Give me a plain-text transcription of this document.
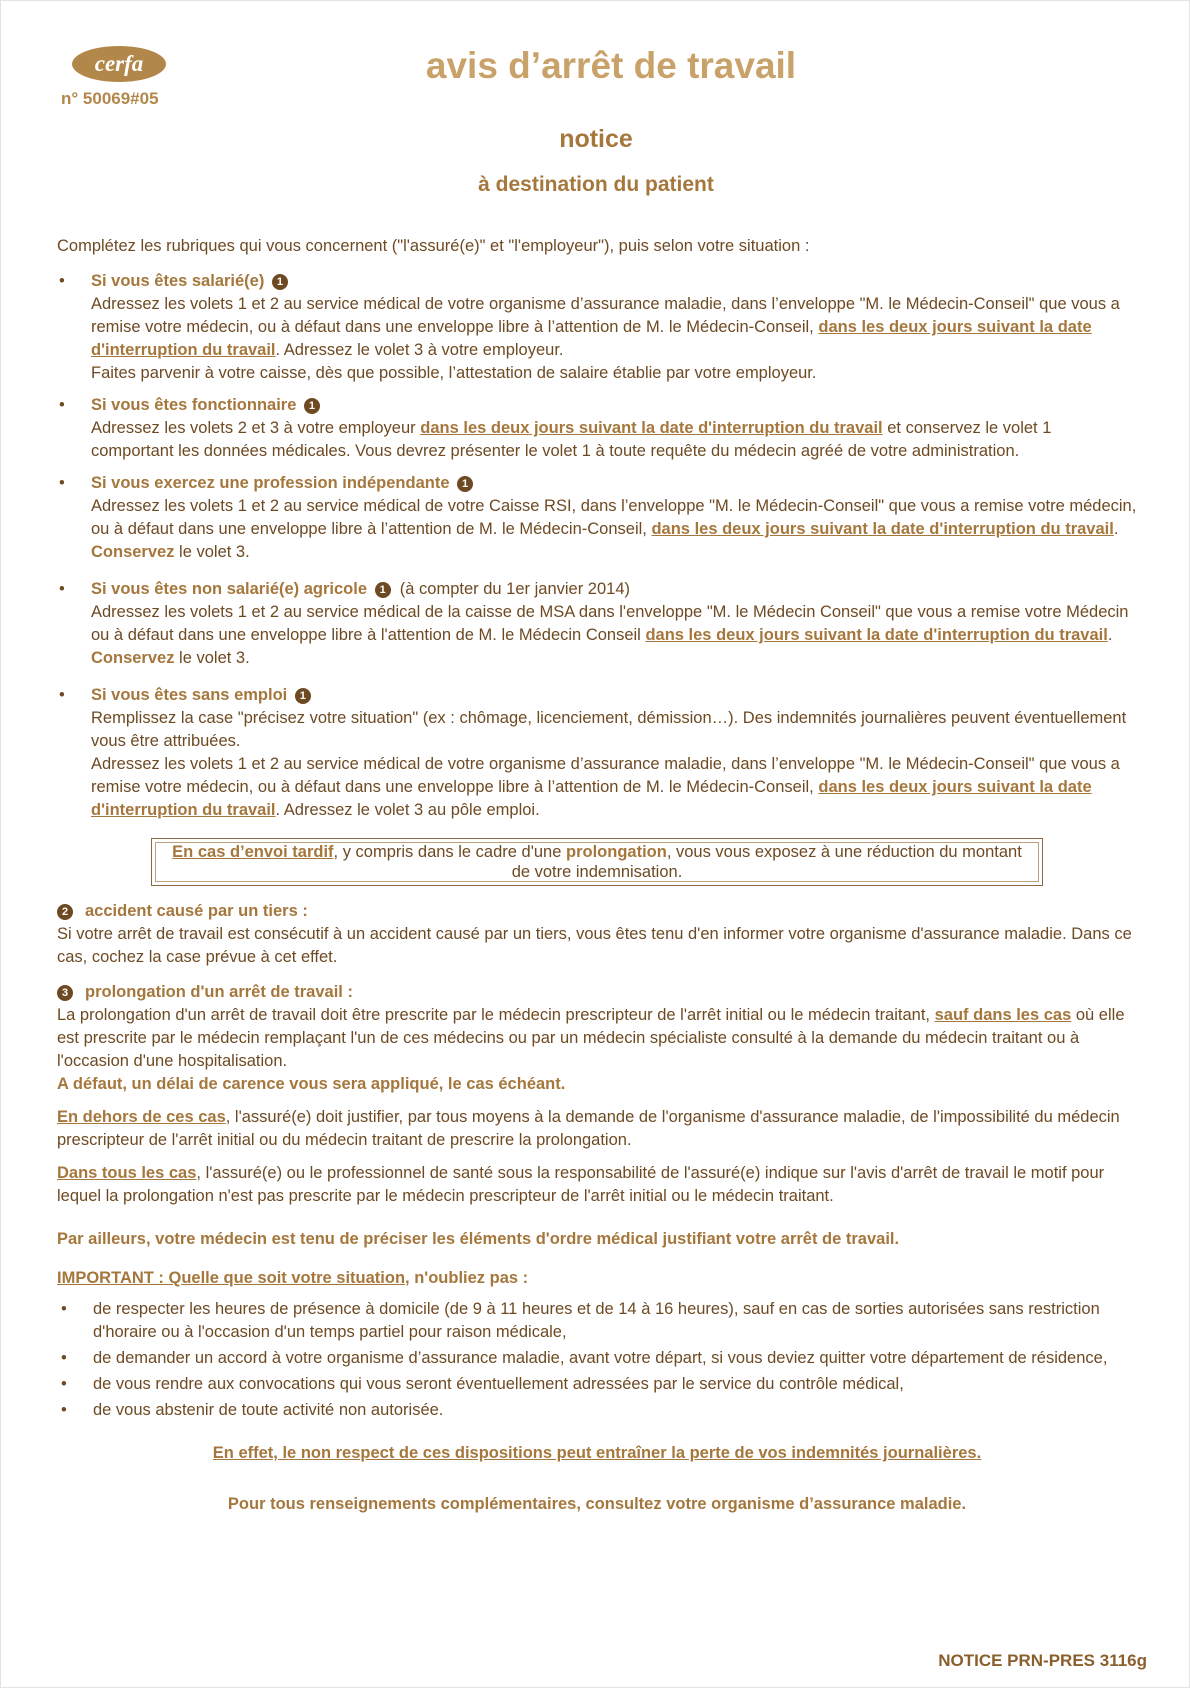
cerfa
n° 50069#05
avis d’arrêt de travail
notice
à destination du patient

Complétez les rubriques qui vous concernent ("l'assuré(e)" et "l'employeur"), puis selon votre situation :

• Si vous êtes salarié(e) 1

Adressez les volets 1 et 2 au service médical de votre organisme d’assurance maladie, dans l’enveloppe "M. le Médecin-Conseil" que vous a remise votre médecin, ou à défaut dans une enveloppe libre à l’attention de M. le Médecin-Conseil, dans les deux jours suivant la date d'interruption du travail. Adressez le volet 3 à votre employeur.

Faites parvenir à votre caisse, dès que possible, l’attestation de salaire établie par votre employeur.

• Si vous êtes fonctionnaire 1

Adressez les volets 2 et 3 à votre employeur dans les deux jours suivant la date d'interruption du travail et conservez le volet 1 comportant les données médicales. Vous devrez présenter le volet 1 à toute requête du médecin agréé de votre administration.

• Si vous exercez une profession indépendante 1

Adressez les volets 1 et 2 au service médical de votre Caisse RSI, dans l’enveloppe "M. le Médecin-Conseil" que vous a remise votre médecin, ou à défaut dans une enveloppe libre à l’attention de M. le Médecin-Conseil, dans les deux jours suivant la date d'interruption du travail. Conservez le volet 3.

• Si vous êtes non salarié(e) agricole 1 (à compter du 1er janvier 2014)

Adressez les volets 1 et 2 au service médical de la caisse de MSA dans l'enveloppe "M. le Médecin Conseil" que vous a remise votre Médecin ou à défaut dans une enveloppe libre à l'attention de M. le Médecin Conseil dans les deux jours suivant la date d'interruption du travail. Conservez le volet 3.

• Si vous êtes sans emploi 1

Remplissez la case "précisez votre situation" (ex : chômage, licenciement, démission…). Des indemnités journalières peuvent éventuellement vous être attribuées.

Adressez les volets 1 et 2 au service médical de votre organisme d’assurance maladie, dans l’enveloppe "M. le Médecin-Conseil" que vous a remise votre médecin, ou à défaut dans une enveloppe libre à l’attention de M. le Médecin-Conseil, dans les deux jours suivant la date d'interruption du travail. Adressez le volet 3 au pôle emploi.

En cas d’envoi tardif, y compris dans le cadre d'une prolongation, vous vous exposez à une réduction du montant de votre indemnisation.

2 accident causé par un tiers :

Si votre arrêt de travail est consécutif à un accident causé par un tiers, vous êtes tenu d'en informer votre organisme d'assurance maladie. Dans ce cas, cochez la case prévue à cet effet.

3 prolongation d'un arrêt de travail :

La prolongation d'un arrêt de travail doit être prescrite par le médecin prescripteur de l'arrêt initial ou le médecin traitant, sauf dans les cas où elle est prescrite par le médecin remplaçant l'un de ces médecins ou par un médecin spécialiste consulté à la demande du médecin traitant ou à l'occasion d'une hospitalisation.

A défaut, un délai de carence vous sera appliqué, le cas échéant.

En dehors de ces cas, l'assuré(e) doit justifier, par tous moyens à la demande de l'organisme d'assurance maladie, de l'impossibilité du médecin prescripteur de l'arrêt initial ou du médecin traitant de prescrire la prolongation.

Dans tous les cas, l'assuré(e) ou le professionnel de santé sous la responsabilité de l'assuré(e) indique sur l'avis d'arrêt de travail le motif pour lequel la prolongation n'est pas prescrite par le médecin prescripteur de l'arrêt initial ou le médecin traitant.

Par ailleurs, votre médecin est tenu de préciser les éléments d'ordre médical justifiant votre arrêt de travail.

IMPORTANT : Quelle que soit votre situation, n'oubliez pas :

• de respecter les heures de présence à domicile (de 9 à 11 heures et de 14 à 16 heures), sauf en cas de sorties autorisées sans restriction d'horaire ou à l'occasion d'un temps partiel pour raison médicale,
• de demander un accord à votre organisme d’assurance maladie, avant votre départ, si vous deviez quitter votre département de résidence,
• de vous rendre aux convocations qui vous seront éventuellement adressées par le service du contrôle médical,
• de vous abstenir de toute activité non autorisée.

En effet, le non respect de ces dispositions peut entraîner la perte de vos indemnités journalières.

Pour tous renseignements complémentaires, consultez votre organisme d’assurance maladie.

NOTICE PRN-PRES 3116g
